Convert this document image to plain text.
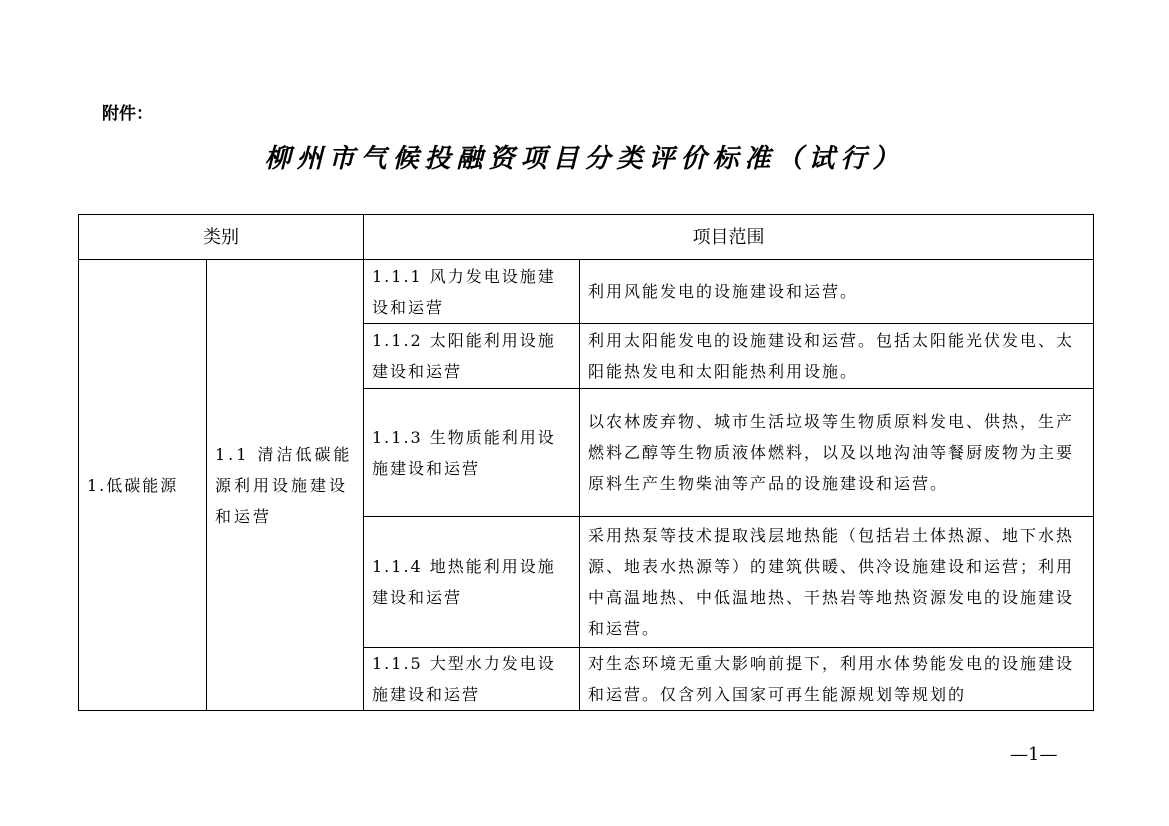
附件：
柳州市气候投融资项目分类评价标准（试行）
类别		项目范围	
1.低碳能源	1.1 清洁低碳能源利用设施建设和运营	1.1.1 风力发电设施建设和运营	利用风能发电的设施建设和运营。
		1.1.2 太阳能利用设施建设和运营	利用太阳能发电的设施建设和运营。包括太阳能光伏发电、太阳能热发电和太阳能热利用设施。
		1.1.3 生物质能利用设施建设和运营	以农林废弃物、城市生活垃圾等生物质原料发电、供热，生产燃料乙醇等生物质液体燃料，以及以地沟油等餐厨废物为主要原料生产生物柴油等产品的设施建设和运营。
		1.1.4 地热能利用设施建设和运营	采用热泵等技术提取浅层地热能（包括岩土体热源、地下水热源、地表水热源等）的建筑供暖、供冷设施建设和运营；利用中高温地热、中低温地热、干热岩等地热资源发电的设施建设和运营。
		1.1.5 大型水力发电设施建设和运营	对生态环境无重大影响前提下，利用水体势能发电的设施建设和运营。仅含列入国家可再生能源规划等规划的
—1—
